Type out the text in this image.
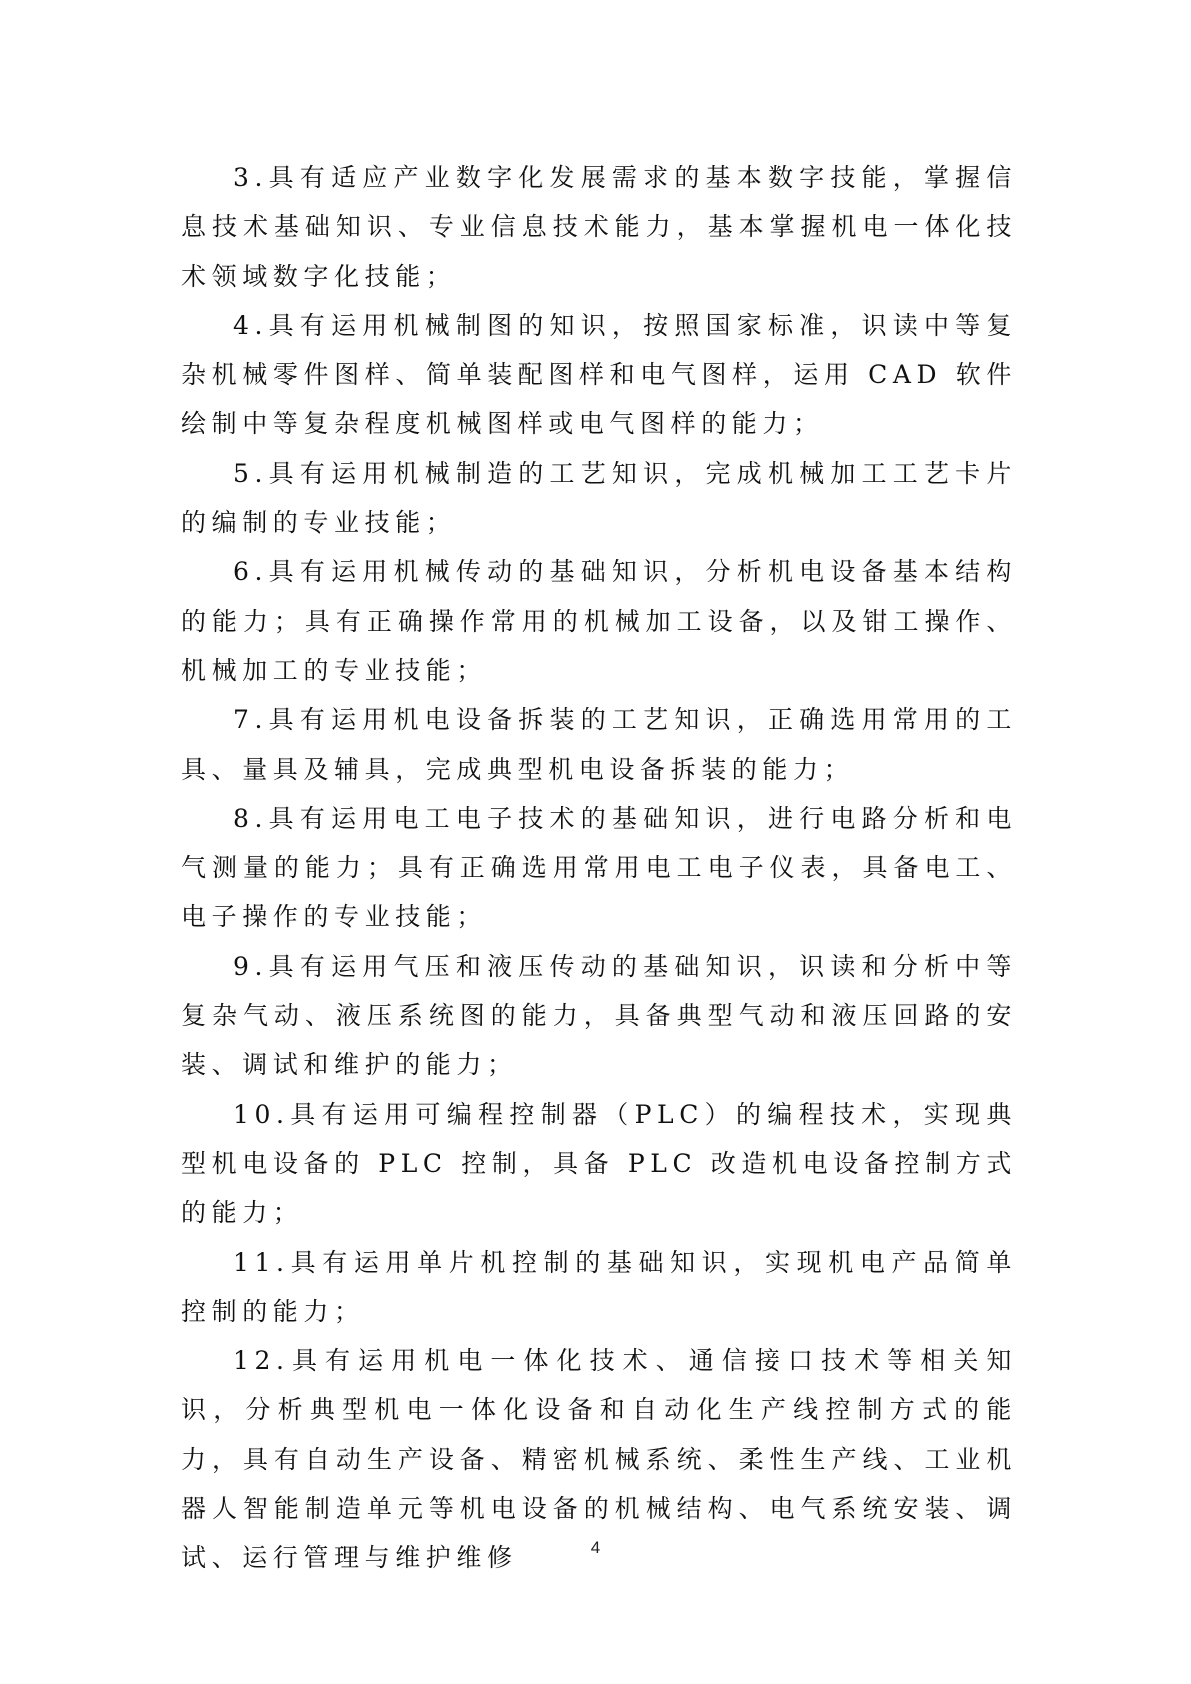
3.具有适应产业数字化发展需求的基本数字技能，掌握信息技术基础知识、专业信息技术能力，基本掌握机电一体化技术领域数字化技能；

4.具有运用机械制图的知识，按照国家标准，识读中等复杂机械零件图样、简单装配图样和电气图样，运用 CAD 软件绘制中等复杂程度机械图样或电气图样的能力；

5.具有运用机械制造的工艺知识，完成机械加工工艺卡片的编制的专业技能；

6.具有运用机械传动的基础知识，分析机电设备基本结构的能力；具有正确操作常用的机械加工设备，以及钳工操作、机械加工的专业技能；

7.具有运用机电设备拆装的工艺知识，正确选用常用的工具、量具及辅具，完成典型机电设备拆装的能力；

8.具有运用电工电子技术的基础知识，进行电路分析和电气测量的能力；具有正确选用常用电工电子仪表，具备电工、电子操作的专业技能；

9.具有运用气压和液压传动的基础知识，识读和分析中等复杂气动、液压系统图的能力，具备典型气动和液压回路的安装、调试和维护的能力；

10.具有运用可编程控制器（PLC）的编程技术，实现典型机电设备的 PLC 控制，具备 PLC 改造机电设备控制方式的能力；

11.具有运用单片机控制的基础知识，实现机电产品简单控制的能力；

12.具有运用机电一体化技术、通信接口技术等相关知识，分析典型机电一体化设备和自动化生产线控制方式的能力，具有自动生产设备、精密机械系统、柔性生产线、工业机器人智能制造单元等机电设备的机械结构、电气系统安装、调试、运行管理与维护维修	4
